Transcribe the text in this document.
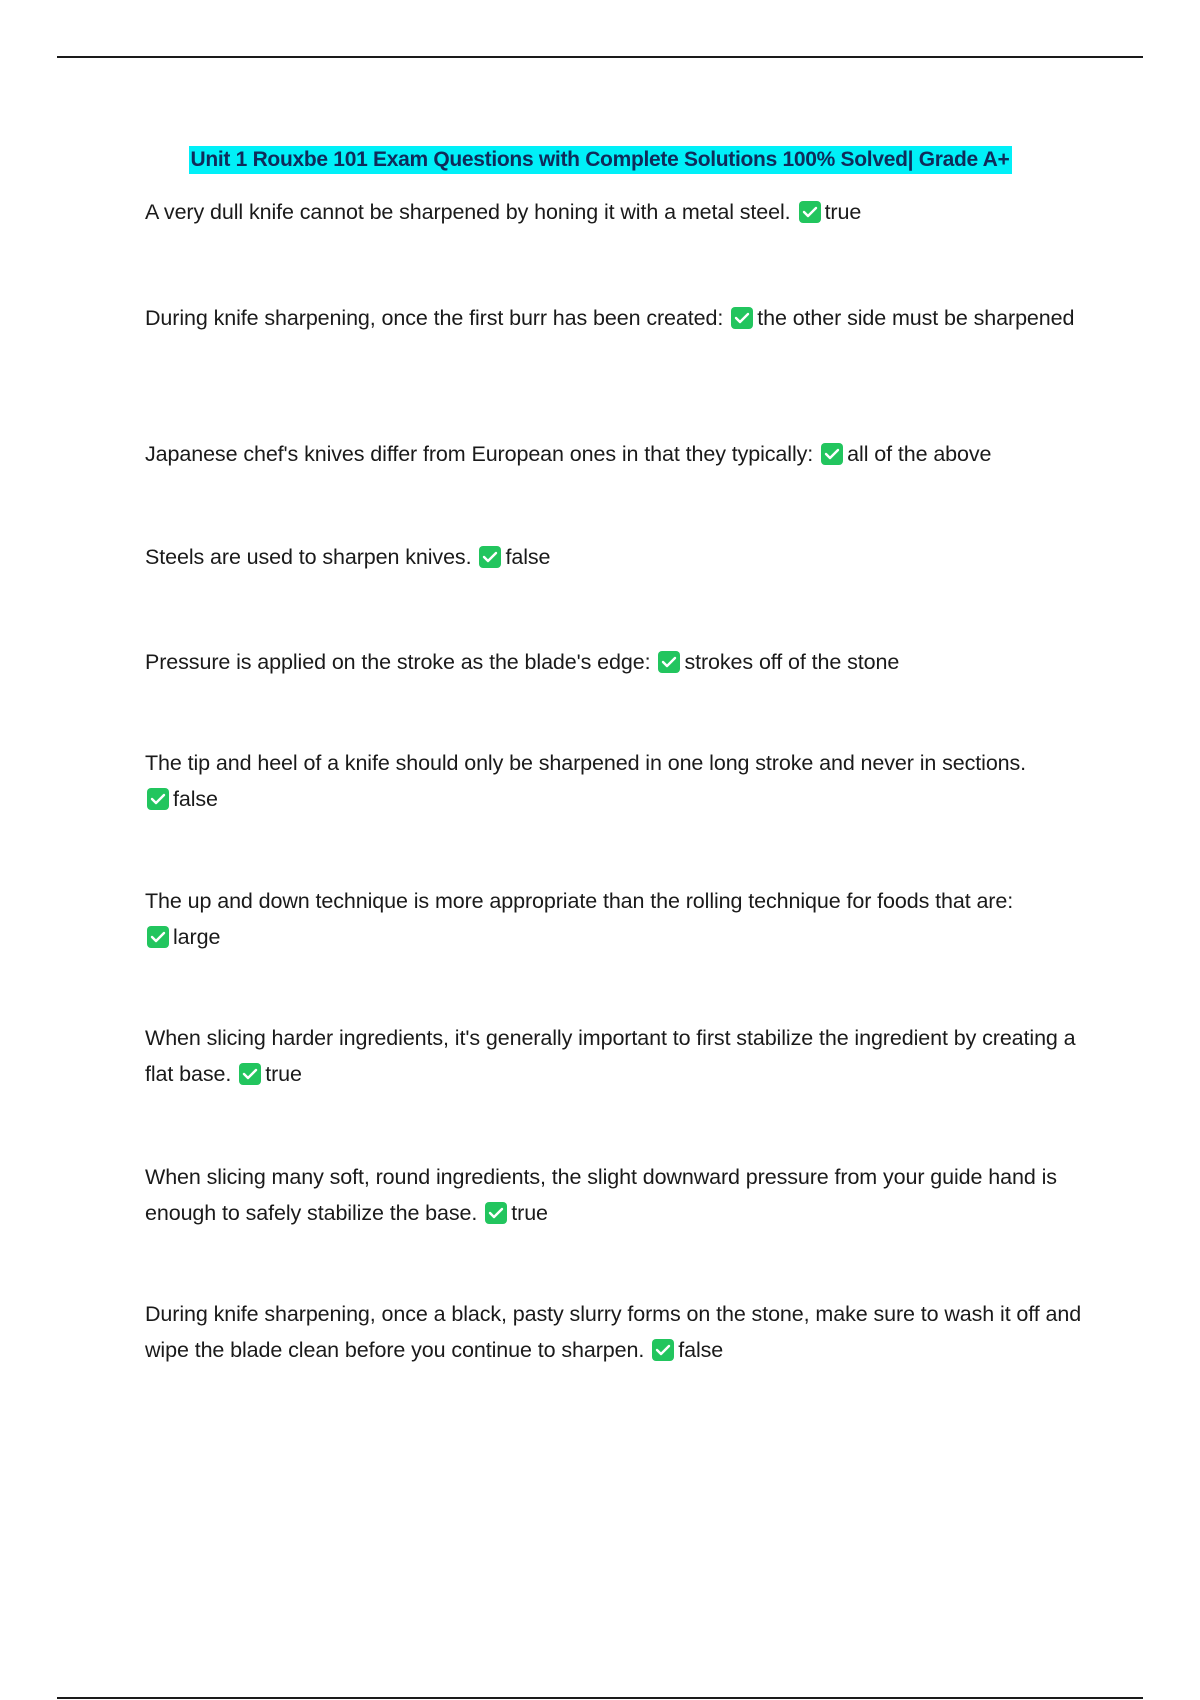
Unit 1 Rouxbe 101 Exam Questions with Complete Solutions 100% Solved| Grade A+
A very dull knife cannot be sharpened by honing it with a metal steel. true
During knife sharpening, once the first burr has been created: the other side must be sharpened
Japanese chef's knives differ from European ones in that they typically: all of the above
Steels are used to sharpen knives. false
Pressure is applied on the stroke as the blade's edge: strokes off of the stone
The tip and heel of a knife should only be sharpened in one long stroke and never in sections.

false
The up and down technique is more appropriate than the rolling technique for foods that are:

large
When slicing harder ingredients, it's generally important to first stabilize the ingredient by creating a flat base. true
When slicing many soft, round ingredients, the slight downward pressure from your guide hand is enough to safely stabilize the base. true
During knife sharpening, once a black, pasty slurry forms on the stone, make sure to wash it off and wipe the blade clean before you continue to sharpen. false
